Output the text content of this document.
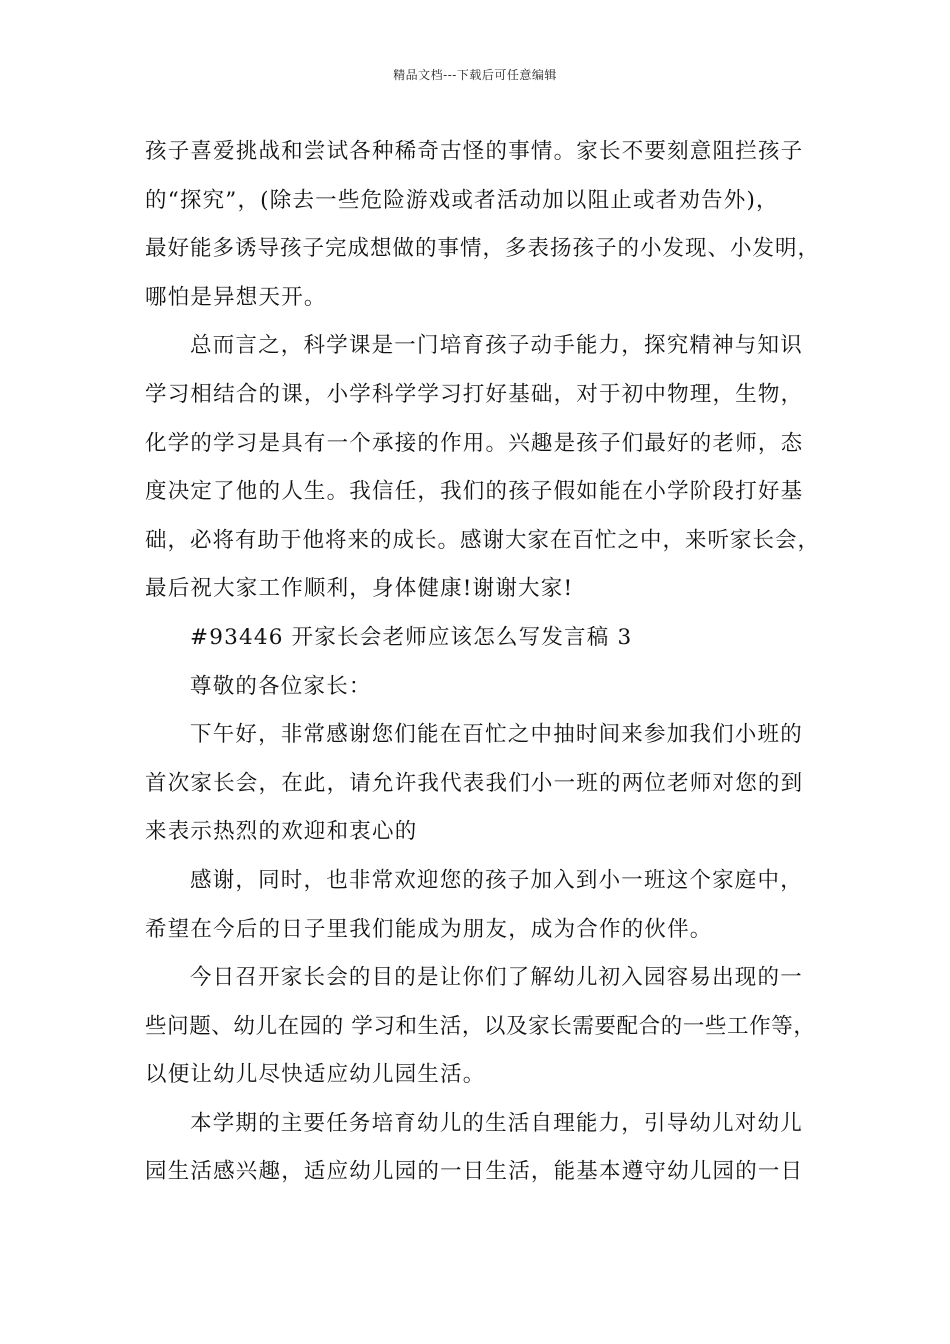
精品文档---下载后可任意编辑
孩子喜爱挑战和尝试各种稀奇古怪的事情。家长不要刻意阻拦孩子
的“探究”，(除去一些危险游戏或者活动加以阻止或者劝告外)，
最好能多诱导孩子完成想做的事情，多表扬孩子的小发现、小发明，
哪怕是异想天开。
总而言之，科学课是一门培育孩子动手能力，探究精神与知识
学习相结合的课，小学科学学习打好基础，对于初中物理，生物，
化学的学习是具有一个承接的作用。兴趣是孩子们最好的老师，态
度决定了他的人生。我信任，我们的孩子假如能在小学阶段打好基
础，必将有助于他将来的成长。感谢大家在百忙之中，来听家长会，
最后祝大家工作顺利，身体健康!谢谢大家!
#93446 开家长会老师应该怎么写发言稿 3
尊敬的各位家长：
下午好，非常感谢您们能在百忙之中抽时间来参加我们小班的
首次家长会，在此，请允许我代表我们小一班的两位老师对您的到
来表示热烈的欢迎和衷心的
感谢，同时，也非常欢迎您的孩子加入到小一班这个家庭中，
希望在今后的日子里我们能成为朋友，成为合作的伙伴。
今日召开家长会的目的是让你们了解幼儿初入园容易出现的一
些问题、幼儿在园的 学习和生活，以及家长需要配合的一些工作等，
以便让幼儿尽快适应幼儿园生活。
本学期的主要任务培育幼儿的生活自理能力，引导幼儿对幼儿
园生活感兴趣，适应幼儿园的一日生活，能基本遵守幼儿园的一日
